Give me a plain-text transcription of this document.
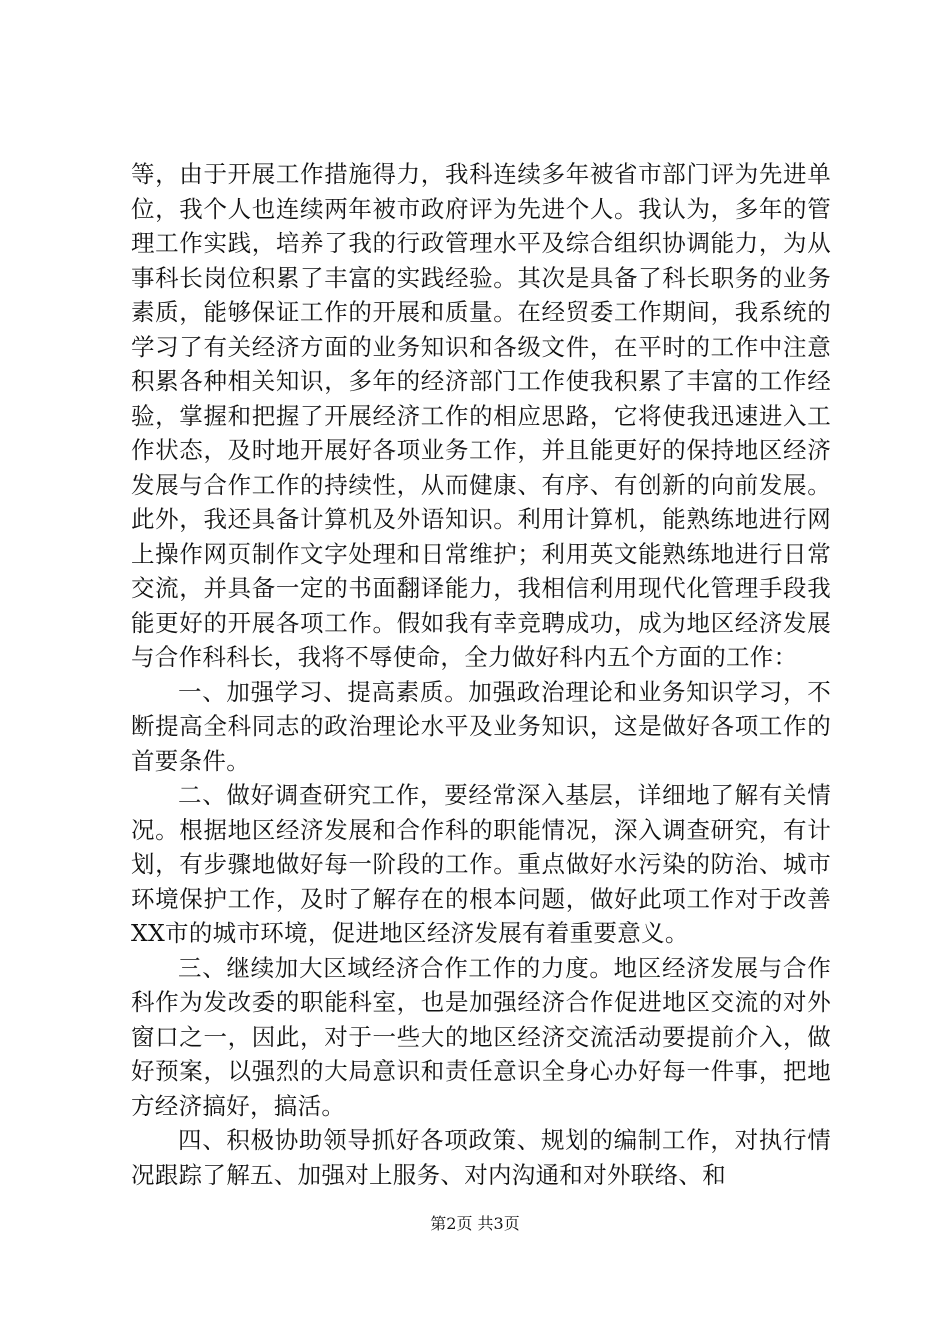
等，由于开展工作措施得力，我科连续多年被省市部门评为先进单位，我个人也连续两年被市政府评为先进个人。我认为，多年的管理工作实践，培养了我的行政管理水平及综合组织协调能力，为从事科长岗位积累了丰富的实践经验。其次是具备了科长职务的业务素质，能够保证工作的开展和质量。在经贸委工作期间，我系统的学习了有关经济方面的业务知识和各级文件，在平时的工作中注意积累各种相关知识，多年的经济部门工作使我积累了丰富的工作经验，掌握和把握了开展经济工作的相应思路，它将使我迅速进入工作状态，及时地开展好各项业务工作，并且能更好的保持地区经济发展与合作工作的持续性，从而健康、有序、有创新的向前发展。此外，我还具备计算机及外语知识。利用计算机，能熟练地进行网上操作网页制作文字处理和日常维护；利用英文能熟练地进行日常交流，并具备一定的书面翻译能力，我相信利用现代化管理手段我能更好的开展各项工作。假如我有幸竞聘成功，成为地区经济发展与合作科科长，我将不辱使命，全力做好科内五个方面的工作：

一、加强学习、提高素质。加强政治理论和业务知识学习，不断提高全科同志的政治理论水平及业务知识，这是做好各项工作的首要条件。

二、做好调查研究工作，要经常深入基层，详细地了解有关情况。根据地区经济发展和合作科的职能情况，深入调查研究，有计划，有步骤地做好每一阶段的工作。重点做好水污染的防治、城市环境保护工作，及时了解存在的根本问题，做好此项工作对于改善XX市的城市环境，促进地区经济发展有着重要意义。

三、继续加大区域经济合作工作的力度。地区经济发展与合作科作为发改委的职能科室，也是加强经济合作促进地区交流的对外窗口之一，因此，对于一些大的地区经济交流活动要提前介入，做好预案，以强烈的大局意识和责任意识全身心办好每一件事，把地方经济搞好，搞活。

四、积极协助领导抓好各项政策、规划的编制工作，对执行情况跟踪了解五、加强对上服务、对内沟通和对外联络、和

第2页 共3页
